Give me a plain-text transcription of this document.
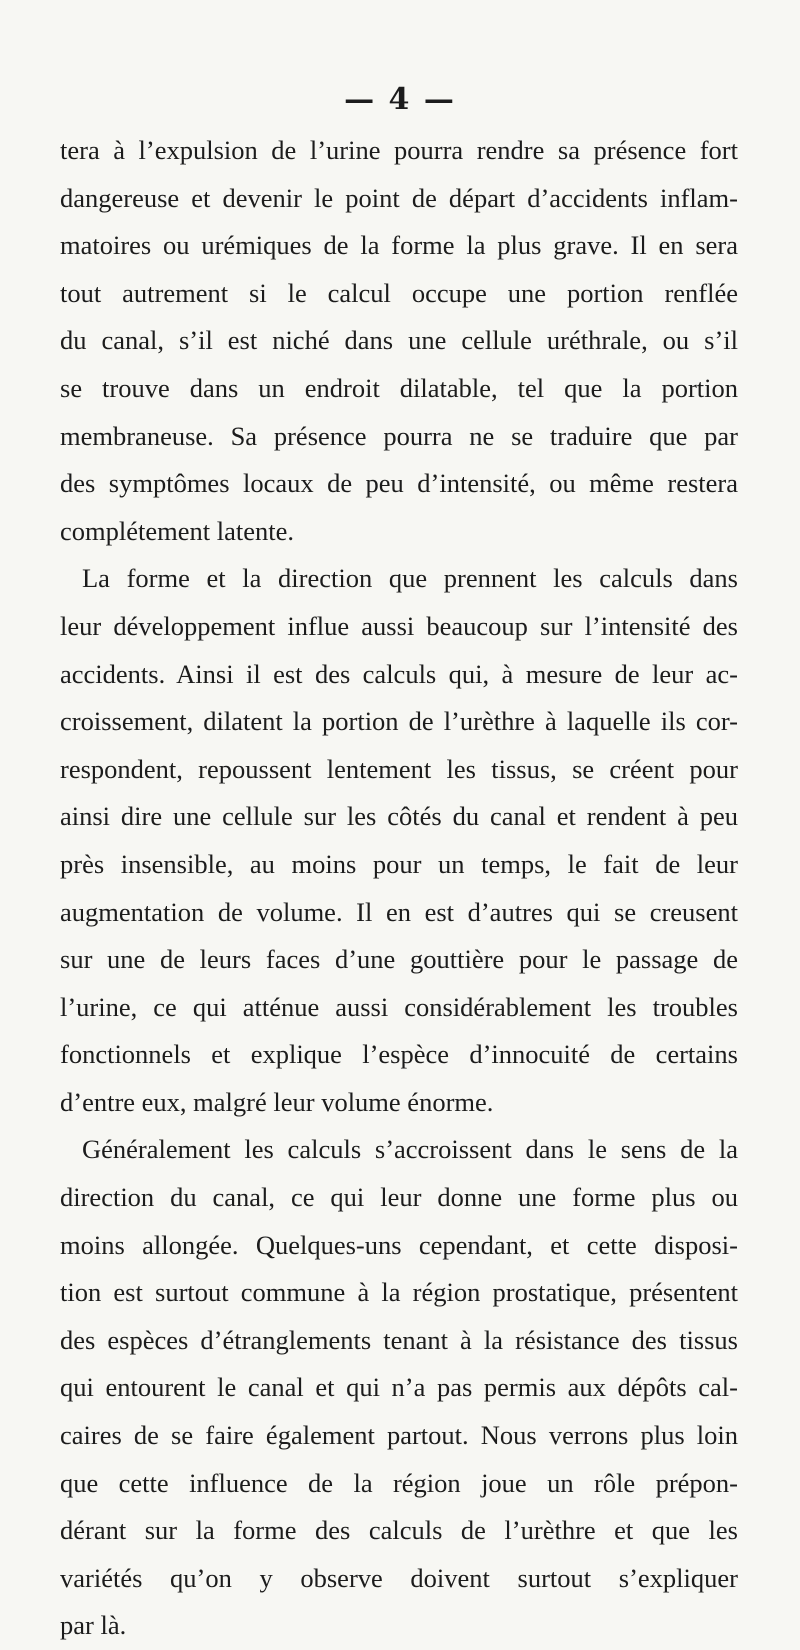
— 4 —

tera à l’expulsion de l’urine pourra rendre sa présence fort
dangereuse et devenir le point de départ d’accidents inflam-
matoires ou urémiques de la forme la plus grave. Il en sera
tout autrement si le calcul occupe une portion renflée
du canal, s’il est niché dans une cellule uréthrale, ou s’il
se trouve dans un endroit dilatable, tel que la portion
membraneuse. Sa présence pourra ne se traduire que par
des symptômes locaux de peu d’intensité, ou même restera
complétement latente.
La forme et la direction que prennent les calculs dans
leur développement influe aussi beaucoup sur l’intensité des
accidents. Ainsi il est des calculs qui, à mesure de leur ac-
croissement, dilatent la portion de l’urèthre à laquelle ils cor-
respondent, repoussent lentement les tissus, se créent pour
ainsi dire une cellule sur les côtés du canal et rendent à peu
près insensible, au moins pour un temps, le fait de leur
augmentation de volume. Il en est d’autres qui se creusent
sur une de leurs faces d’une gouttière pour le passage de
l’urine, ce qui atténue aussi considérablement les troubles
fonctionnels et explique l’espèce d’innocuité de certains
d’entre eux, malgré leur volume énorme.
Généralement les calculs s’accroissent dans le sens de la
direction du canal, ce qui leur donne une forme plus ou
moins allongée. Quelques-uns cependant, et cette disposi-
tion est surtout commune à la région prostatique, présentent
des espèces d’étranglements tenant à la résistance des tissus
qui entourent le canal et qui n’a pas permis aux dépôts cal-
caires de se faire également partout. Nous verrons plus loin
que cette influence de la région joue un rôle prépon-
dérant sur la forme des calculs de l’urèthre et que les
variétés qu’on y observe doivent surtout s’expliquer
par là.
